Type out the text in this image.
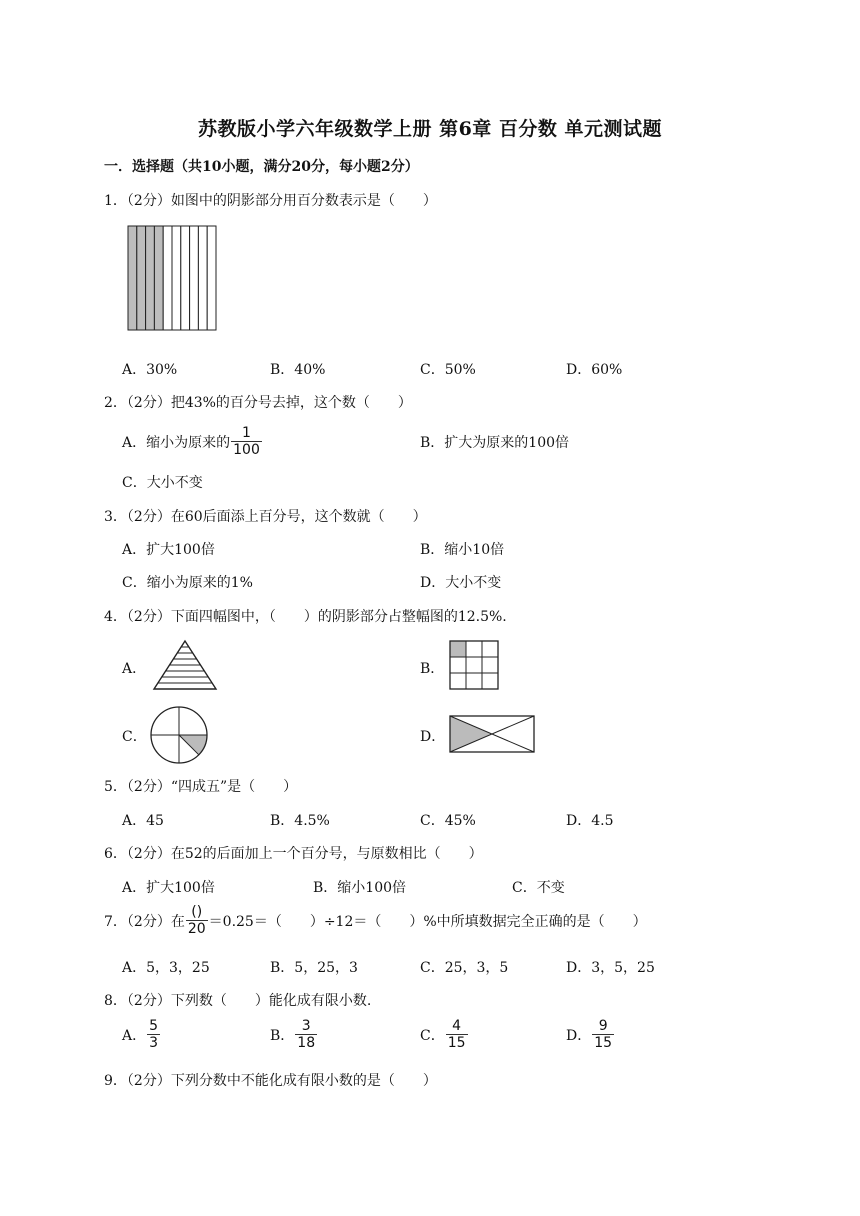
苏教版小学六年级数学上册 第6章 百分数 单元测试题
一．选择题（共10小题，满分20分，每小题2分）
1．（2分）如图中的阴影部分用百分数表示是（　　）
A．30%	B．40%	C．50%	D．60%
2．（2分）把43%的百分号去掉，这个数（　　）
A．缩小为原来的 $\frac{1}{100}$	B．扩大为原来的100倍
C．大小不变
3．（2分）在60后面添上百分号，这个数就（　　）
A．扩大100倍	B．缩小10倍
C．缩小为原来的1%	D．大小不变
4．（2分）下面四幅图中，（　　）的阴影部分占整幅图的12.5%.
A．	B．
C．	D．
5．（2分）“四成五”是（　　）
A．45	B．4.5%	C．45%	D．4.5
6．（2分）在52的后面加上一个百分号，与原数相比（　　）
A．扩大100倍	B．缩小100倍	C．不变
7．（2分）在 $\frac{()}{20} =0.25=$（　　）÷12＝（　　）%中所填数据完全正确的是（　　）
A．5，3，25	B．5，25，3	C．25，3，5	D．3，5，25
8．（2分）下列数（　　）能化成有限小数.
A． $\frac{5}{3}$	B． $\frac{3}{18}$	C． $\frac{4}{15}$	D． $\frac{9}{15}$
9．（2分）下列分数中不能化成有限小数的是（　　）
